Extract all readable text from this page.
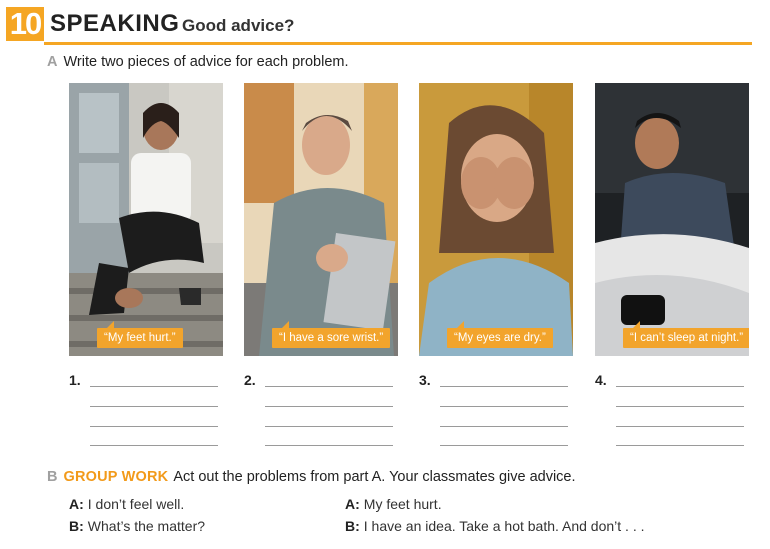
10 SPEAKING Good advice?
A Write two pieces of advice for each problem.
“My feet hurt.”	“I have a sore wrist.”	“My eyes are dry.”	“I can’t sleep at night.”
1.	2.	3.	4.
B GROUP WORK Act out the problems from part A. Your classmates give advice.
A: I don’t feel well.
B: What’s the matter?
A: My feet hurt.
B: I have an idea. Take a hot bath. And don’t . . .
